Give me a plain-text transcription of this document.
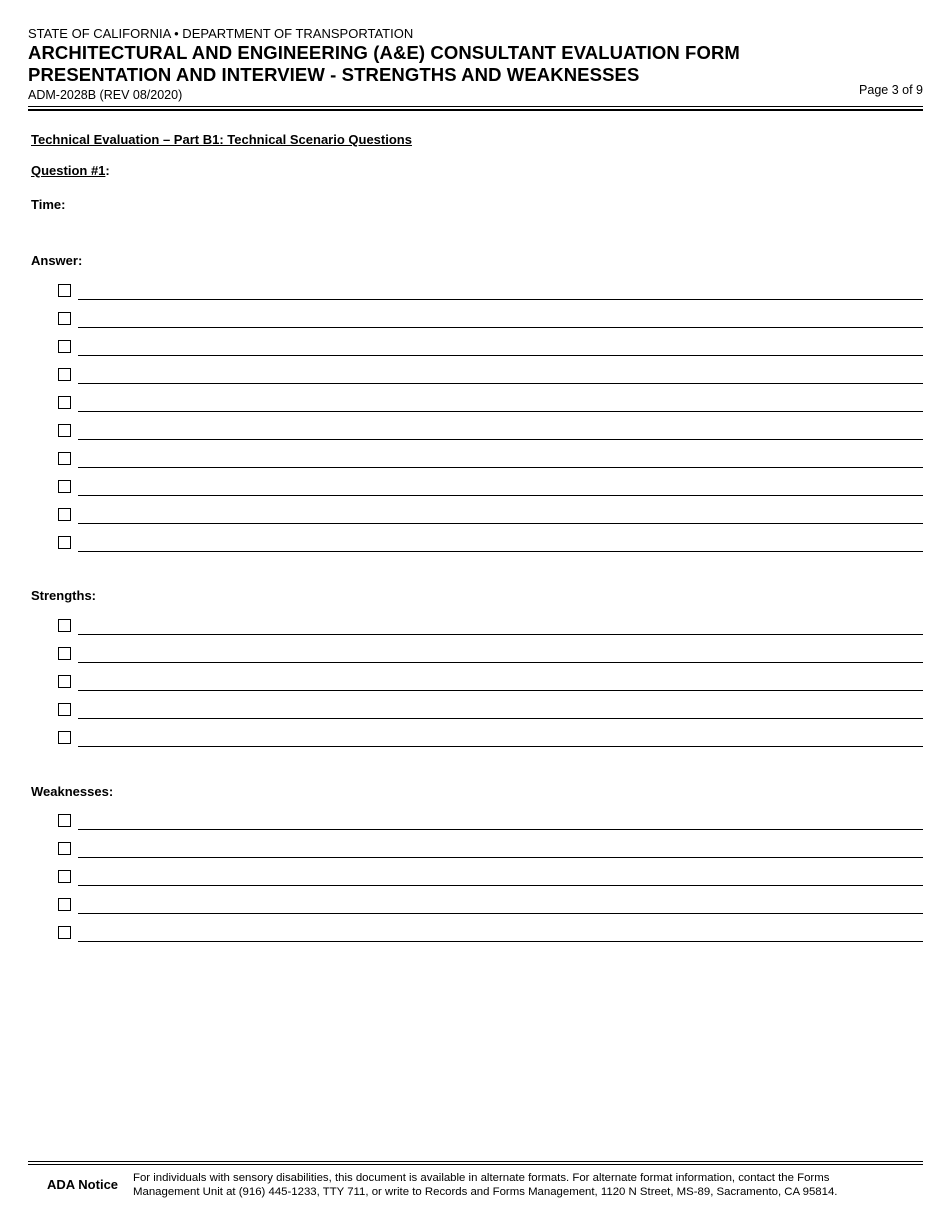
STATE OF CALIFORNIA • DEPARTMENT OF TRANSPORTATION
ARCHITECTURAL AND ENGINEERING (A&E) CONSULTANT EVALUATION FORM
PRESENTATION AND INTERVIEW - STRENGTHS AND WEAKNESSES
ADM-2028B (REV 08/2020)	Page 3 of 9
Technical Evaluation – Part B1: Technical Scenario Questions
Question #1:
Time:
Answer:
Strengths:
Weaknesses:
ADA Notice For individuals with sensory disabilities, this document is available in alternate formats. For alternate format information, contact the Forms
Management Unit at (916) 445-1233, TTY 711, or write to Records and Forms Management, 1120 N Street, MS-89, Sacramento, CA 95814.
